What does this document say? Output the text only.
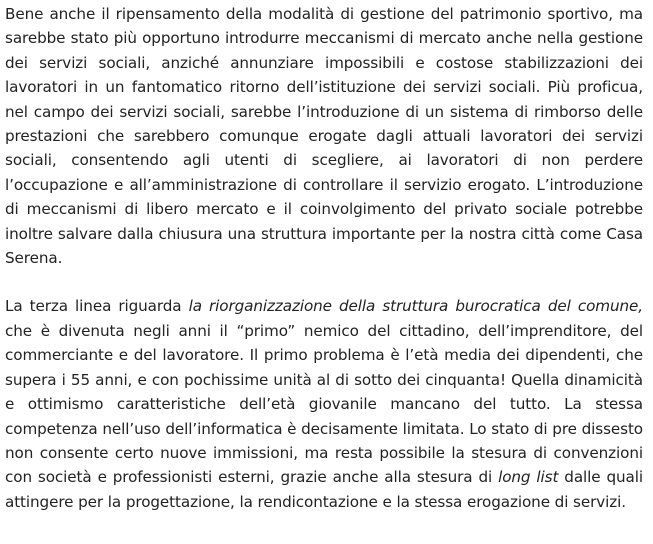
Bene anche il ripensamento della modalità di gestione del patrimonio sportivo, ma sarebbe stato più opportuno introdurre meccanismi di mercato anche nella gestione dei servizi sociali, anziché annunziare impossibili e costose stabilizzazioni dei lavoratori in un fantomatico ritorno dell’istituzione dei servizi sociali. Più proficua, nel campo dei servizi sociali, sarebbe l’introduzione di un sistema di rimborso delle prestazioni che sarebbero comunque erogate dagli attuali lavoratori dei servizi sociali, consentendo agli utenti di scegliere, ai lavoratori di non perdere l’occupazione e all’amministrazione di controllare il servizio erogato. L’introduzione di meccanismi di libero mercato e il coinvolgimento del privato sociale potrebbe inoltre salvare dalla chiusura una struttura importante per la nostra città come Casa Serena.

La terza linea riguarda la riorganizzazione della struttura burocratica del comune, che è divenuta negli anni il “primo” nemico del cittadino, dell’imprenditore, del commerciante e del lavoratore. Il primo problema è l’età media dei dipendenti, che supera i 55 anni, e con pochissime unità al di sotto dei cinquanta! Quella dinamicità e ottimismo caratteristiche dell’età giovanile mancano del tutto. La stessa competenza nell’uso dell’informatica è decisamente limitata. Lo stato di pre dissesto non consente certo nuove immissioni, ma resta possibile la stesura di convenzioni con società e professionisti esterni, grazie anche alla stesura di long list dalle quali attingere per la progettazione, la rendicontazione e la stessa erogazione di servizi.
